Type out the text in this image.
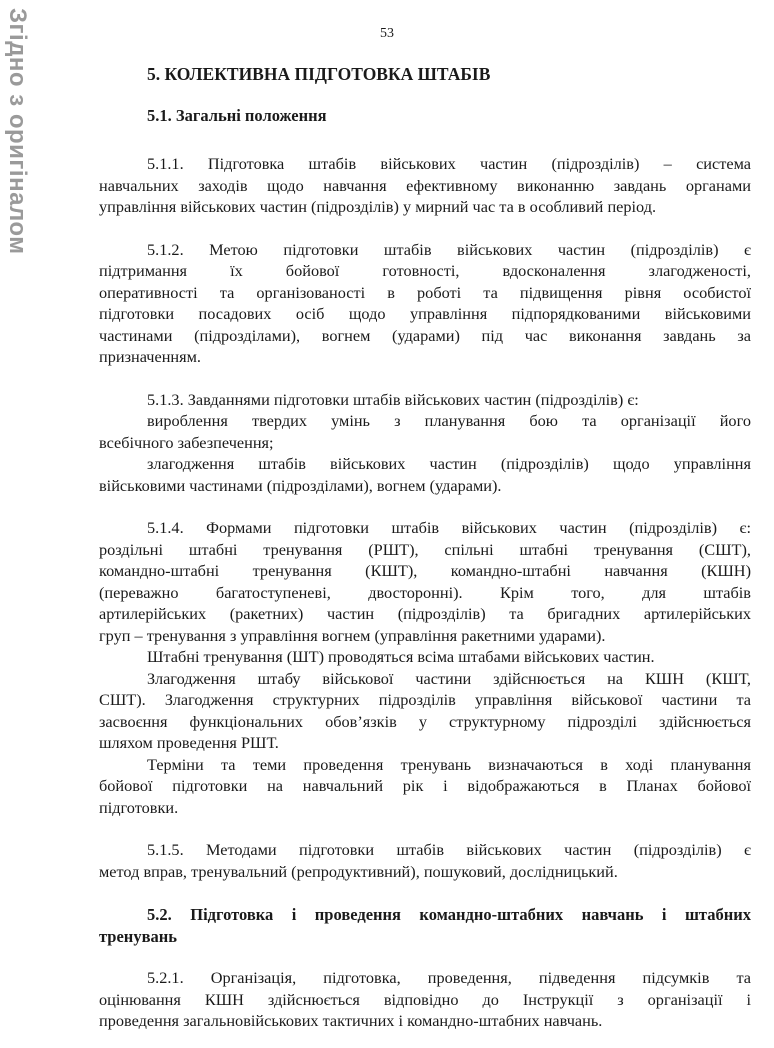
Згідно з оригіналом	53
5. КОЛЕКТИВНА ПІДГОТОВКА ШТАБІВ
5.1. Загальні положення

5.1.1. Підготовка штабів військових частин (підрозділів) – система

навчальних заходів щодо навчання ефективному виконанню завдань органами

управління військових частин (підрозділів) у мирний час та в особливий період.

5.1.2. Метою підготовки штабів військових частин (підрозділів) є

підтримання їх бойової готовності, вдосконалення злагодженості,

оперативності та організованості в роботі та підвищення рівня особистої

підготовки посадових осіб щодо управління підпорядкованими військовими

частинами (підрозділами), вогнем (ударами) під час виконання завдань за

призначенням.

5.1.3. Завданнями підготовки штабів військових частин (підрозділів) є:

вироблення твердих умінь з планування бою та організації його

всебічного забезпечення;

злагодження штабів військових частин (підрозділів) щодо управління

військовими частинами (підрозділами), вогнем (ударами).

5.1.4. Формами підготовки штабів військових частин (підрозділів) є:

роздільні штабні тренування (РШТ), спільні штабні тренування (СШТ),

командно-штабні тренування (КШТ), командно-штабні навчання (КШН)

(переважно багатоступеневі, двосторонні). Крім того, для штабів

артилерійських (ракетних) частин (підрозділів) та бригадних артилерійських

груп – тренування з управління вогнем (управління ракетними ударами).

Штабні тренування (ШТ) проводяться всіма штабами військових частин.

Злагодження штабу військової частини здійснюється на КШН (КШТ,

СШТ). Злагодження структурних підрозділів управління військової частини та

засвоєння функціональних обов’язків у структурному підрозділі здійснюється

шляхом проведення РШТ.

Терміни та теми проведення тренувань визначаються в ході планування

бойової підготовки на навчальний рік і відображаються в Планах бойової

підготовки.

5.1.5. Методами підготовки штабів військових частин (підрозділів) є

метод вправ, тренувальний (репродуктивний), пошуковий, дослідницький.

5.2. Підготовка і проведення командно-штабних навчань і штабних

тренувань

5.2.1. Організація, підготовка, проведення, підведення підсумків та

оцінювання КШН здійснюється відповідно до Інструкції з організації і

проведення загальновійськових тактичних і командно-штабних навчань.
